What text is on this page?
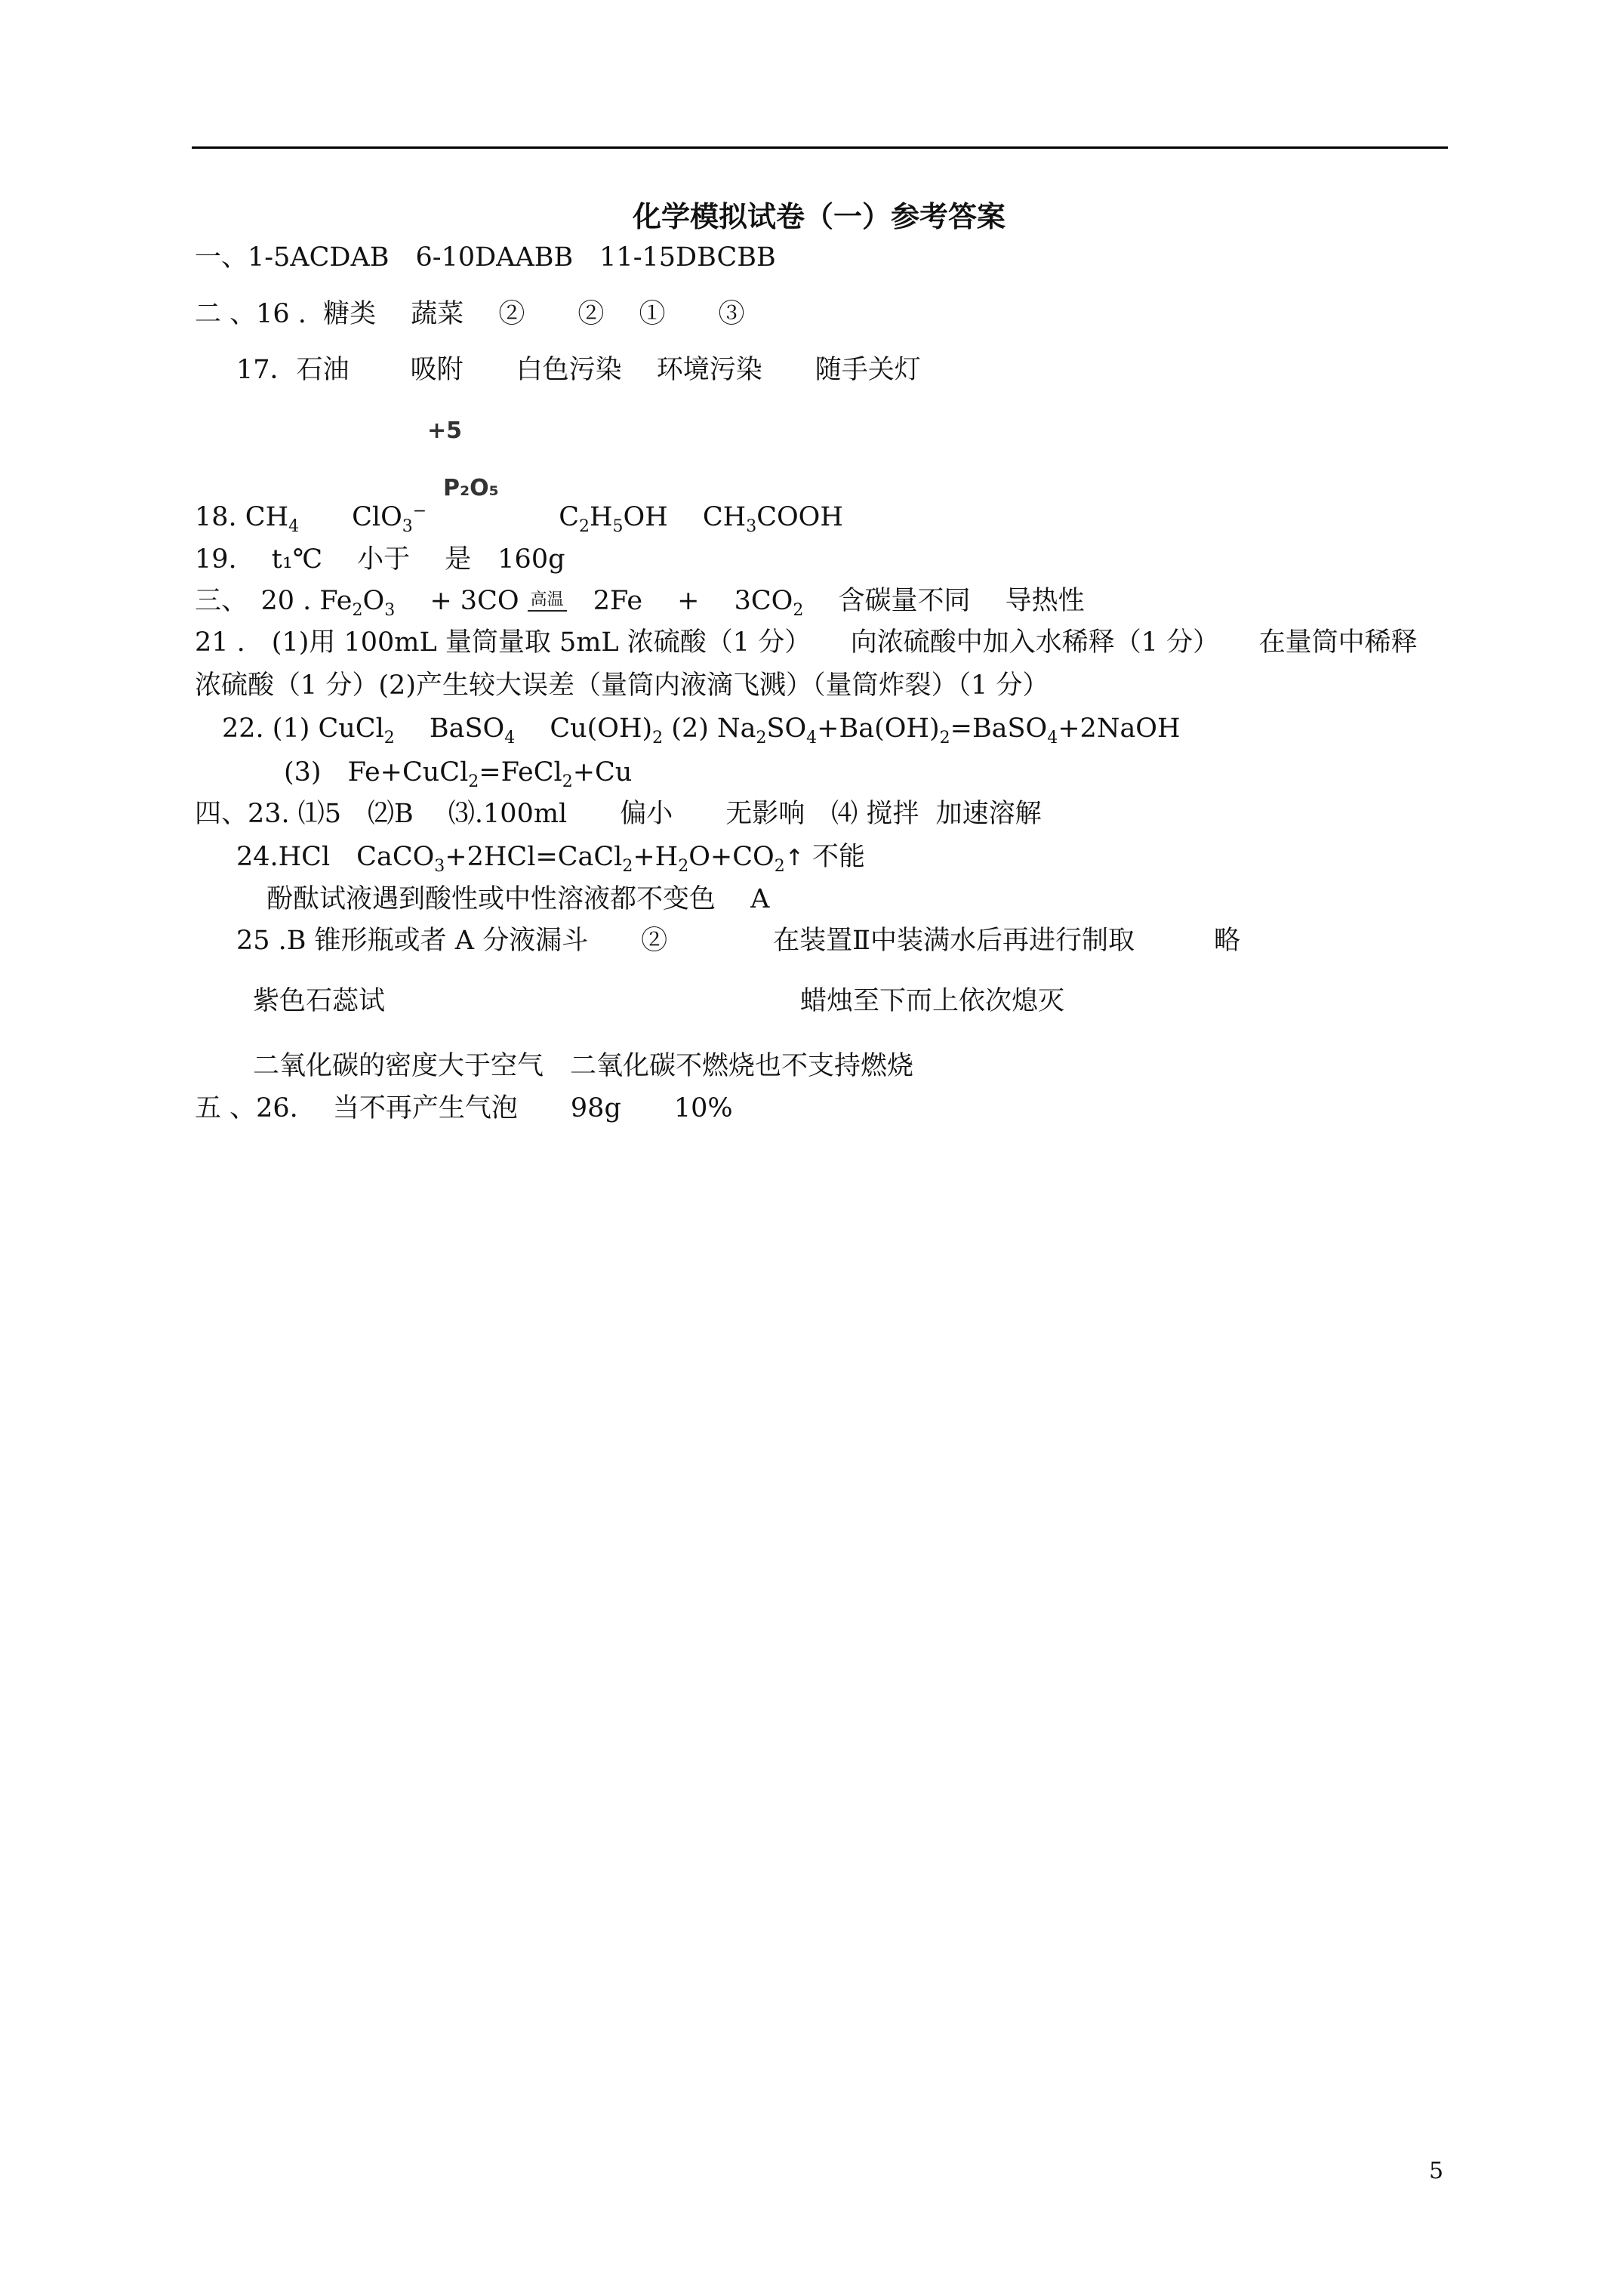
化学模拟试卷（一）参考答案
一、1-5ACDAB　6-10DAABB　11-15DBCBB
二 、16 .  糖类　 蔬菜　 ②　　②　 ①　　③
17．石油　　 吸附　　白色污染　 环境污染　　随手关灯
+5
P₂O₅
18. $CH_4$　　ClO$_3$−　　　　　$C_2H_5OH$　 $CH_3COOH$
19.　 t₁℃　 小于　 是　160g
三、　20 . $Fe_2O_3$　 + 3CO 高温　2Fe　 +　 $3CO_2$　 含碳量不同　 导热性
21 .　(1)用 100mL 量筒量取 5mL 浓硫酸（1 分）　　向浓硫酸中加入水稀释（1 分）　　在量筒中稀释
浓硫酸（1 分）(2)产生较大误差（量筒内液滴飞溅）（量筒炸裂）（1 分）
22. (1) CuCl$_2$　 BaSO$_4$　 $Cu(OH)_2$ (2) $Na_2SO_4+Ba(OH)_2=BaSO_4+2NaOH$
(3)　Fe+CuCl$_2$=FeCl$_2$+Cu
四、23. ⑴5　⑵B　 ⑶.100ml　　偏小　　无影响　⑷ 搅拌  加速溶解
24.HCl　$CaCO_3+2HCl=CaCl_2+H_2O+CO_2↑$ 不能
酚酞试液遇到酸性或中性溶液都不变色　 A
25 .B 锥形瓶或者 A 分液漏斗　　②　　　　在装置Ⅱ中装满水后再进行制取　　　略
紫色石蕊试	蜡烛至下而上依次熄灭
二氧化碳的密度大于空气　二氧化碳不燃烧也不支持燃烧
五 、26.　 当不再产生气泡　　98g　　10%
5
